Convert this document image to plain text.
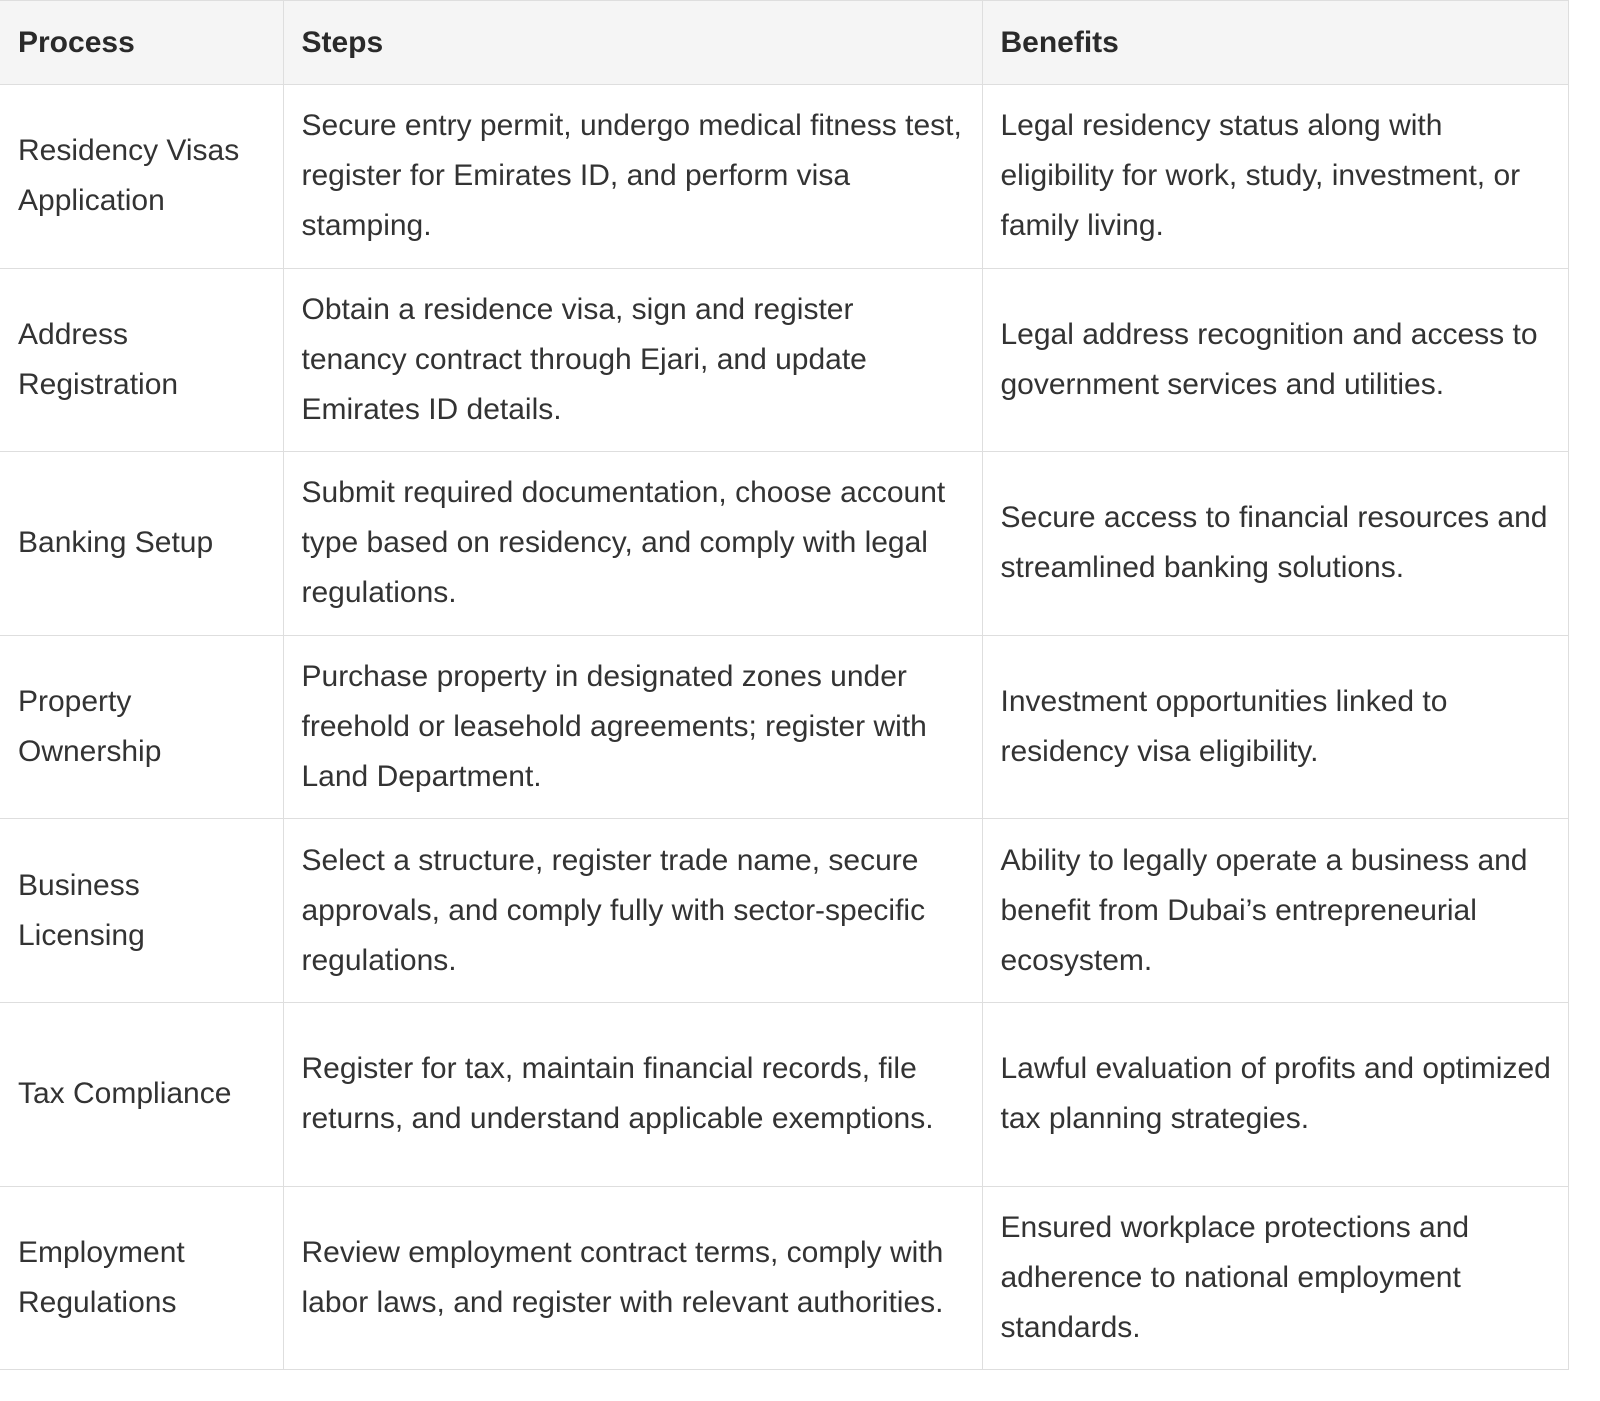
Process	Steps	Benefits
Residency Visas Application	Secure entry permit, undergo medical fitness test, register for Emirates ID, and perform visa stamping.	Legal residency status along with eligibility for work, study, investment, or family living.
Address Registration	Obtain a residence visa, sign and register tenancy contract through Ejari, and update Emirates ID details.	Legal address recognition and access to government services and utilities.
Banking Setup	Submit required documentation, choose account type based on residency, and comply with legal regulations.	Secure access to financial resources and streamlined banking solutions.
Property Ownership	Purchase property in designated zones under freehold or leasehold agreements; register with Land Department.	Investment opportunities linked to residency visa eligibility.
Business Licensing	Select a structure, register trade name, secure approvals, and comply fully with sector-specific regulations.	Ability to legally operate a business and benefit from Dubai’s entrepreneurial ecosystem.
Tax Compliance	Register for tax, maintain financial records, file returns, and understand applicable exemptions.	Lawful evaluation of profits and optimized tax planning strategies.
Employment Regulations	Review employment contract terms, comply with labor laws, and register with relevant authorities.	Ensured workplace protections and adherence to national employment standards.
